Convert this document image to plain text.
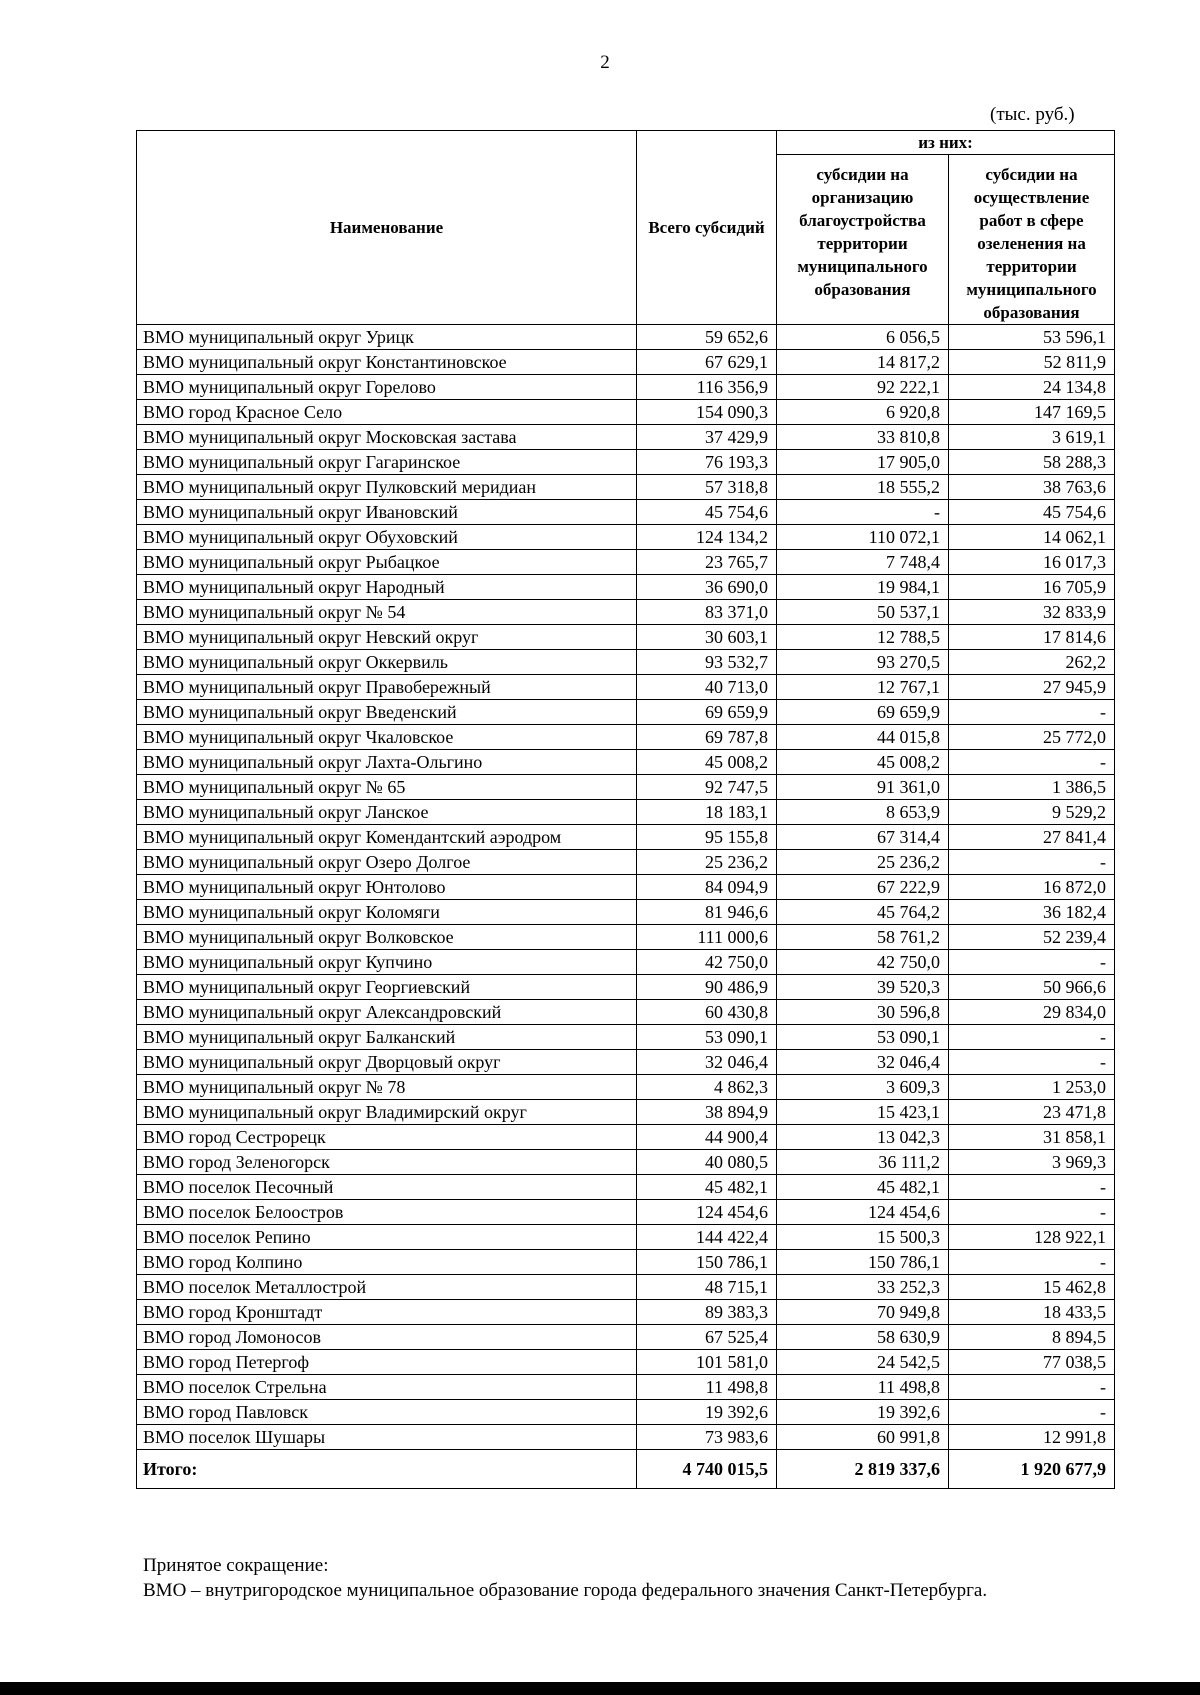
2
(тыс. руб.)
Наименование	Всего субсидий	из них:	
		субсидии на организацию благоустройства территории муниципального образования	субсидии на осуществление работ в сфере озеленения на территории муниципального образования
ВМО муниципальный округ Урицк	59 652,6	6 056,5	53 596,1
ВМО муниципальный округ Константиновское	67 629,1	14 817,2	52 811,9
ВМО муниципальный округ Горелово	116 356,9	92 222,1	24 134,8
ВМО город Красное Село	154 090,3	6 920,8	147 169,5
ВМО муниципальный округ Московская застава	37 429,9	33 810,8	3 619,1
ВМО муниципальный округ Гагаринское	76 193,3	17 905,0	58 288,3
ВМО муниципальный округ Пулковский меридиан	57 318,8	18 555,2	38 763,6
ВМО муниципальный округ Ивановский	45 754,6	-	45 754,6
ВМО муниципальный округ Обуховский	124 134,2	110 072,1	14 062,1
ВМО муниципальный округ Рыбацкое	23 765,7	7 748,4	16 017,3
ВМО муниципальный округ Народный	36 690,0	19 984,1	16 705,9
ВМО муниципальный округ № 54	83 371,0	50 537,1	32 833,9
ВМО муниципальный округ Невский округ	30 603,1	12 788,5	17 814,6
ВМО муниципальный округ Оккервиль	93 532,7	93 270,5	262,2
ВМО муниципальный округ Правобережный	40 713,0	12 767,1	27 945,9
ВМО муниципальный округ Введенский	69 659,9	69 659,9	-
ВМО муниципальный округ Чкаловское	69 787,8	44 015,8	25 772,0
ВМО муниципальный округ Лахта-Ольгино	45 008,2	45 008,2	-
ВМО муниципальный округ № 65	92 747,5	91 361,0	1 386,5
ВМО муниципальный округ Ланское	18 183,1	8 653,9	9 529,2
ВМО муниципальный округ Комендантский аэродром	95 155,8	67 314,4	27 841,4
ВМО муниципальный округ Озеро Долгое	25 236,2	25 236,2	-
ВМО муниципальный округ Юнтолово	84 094,9	67 222,9	16 872,0
ВМО муниципальный округ Коломяги	81 946,6	45 764,2	36 182,4
ВМО муниципальный округ Волковское	111 000,6	58 761,2	52 239,4
ВМО муниципальный округ Купчино	42 750,0	42 750,0	-
ВМО муниципальный округ Георгиевский	90 486,9	39 520,3	50 966,6
ВМО муниципальный округ Александровский	60 430,8	30 596,8	29 834,0
ВМО муниципальный округ Балканский	53 090,1	53 090,1	-
ВМО муниципальный округ Дворцовый округ	32 046,4	32 046,4	-
ВМО муниципальный округ № 78	4 862,3	3 609,3	1 253,0
ВМО муниципальный округ Владимирский округ	38 894,9	15 423,1	23 471,8
ВМО город Сестрорецк	44 900,4	13 042,3	31 858,1
ВМО город Зеленогорск	40 080,5	36 111,2	3 969,3
ВМО поселок Песочный	45 482,1	45 482,1	-
ВМО поселок Белоостров	124 454,6	124 454,6	-
ВМО поселок Репино	144 422,4	15 500,3	128 922,1
ВМО город Колпино	150 786,1	150 786,1	-
ВМО поселок Металлострой	48 715,1	33 252,3	15 462,8
ВМО город Кронштадт	89 383,3	70 949,8	18 433,5
ВМО город Ломоносов	67 525,4	58 630,9	8 894,5
ВМО город Петергоф	101 581,0	24 542,5	77 038,5
ВМО поселок Стрельна	11 498,8	11 498,8	-
ВМО город Павловск	19 392,6	19 392,6	-
ВМО поселок Шушары	73 983,6	60 991,8	12 991,8
Итого:	4 740 015,5	2 819 337,6	1 920 677,9
Принятое сокращение:
ВМО – внутригородское муниципальное образование города федерального значения Санкт-Петербурга.
